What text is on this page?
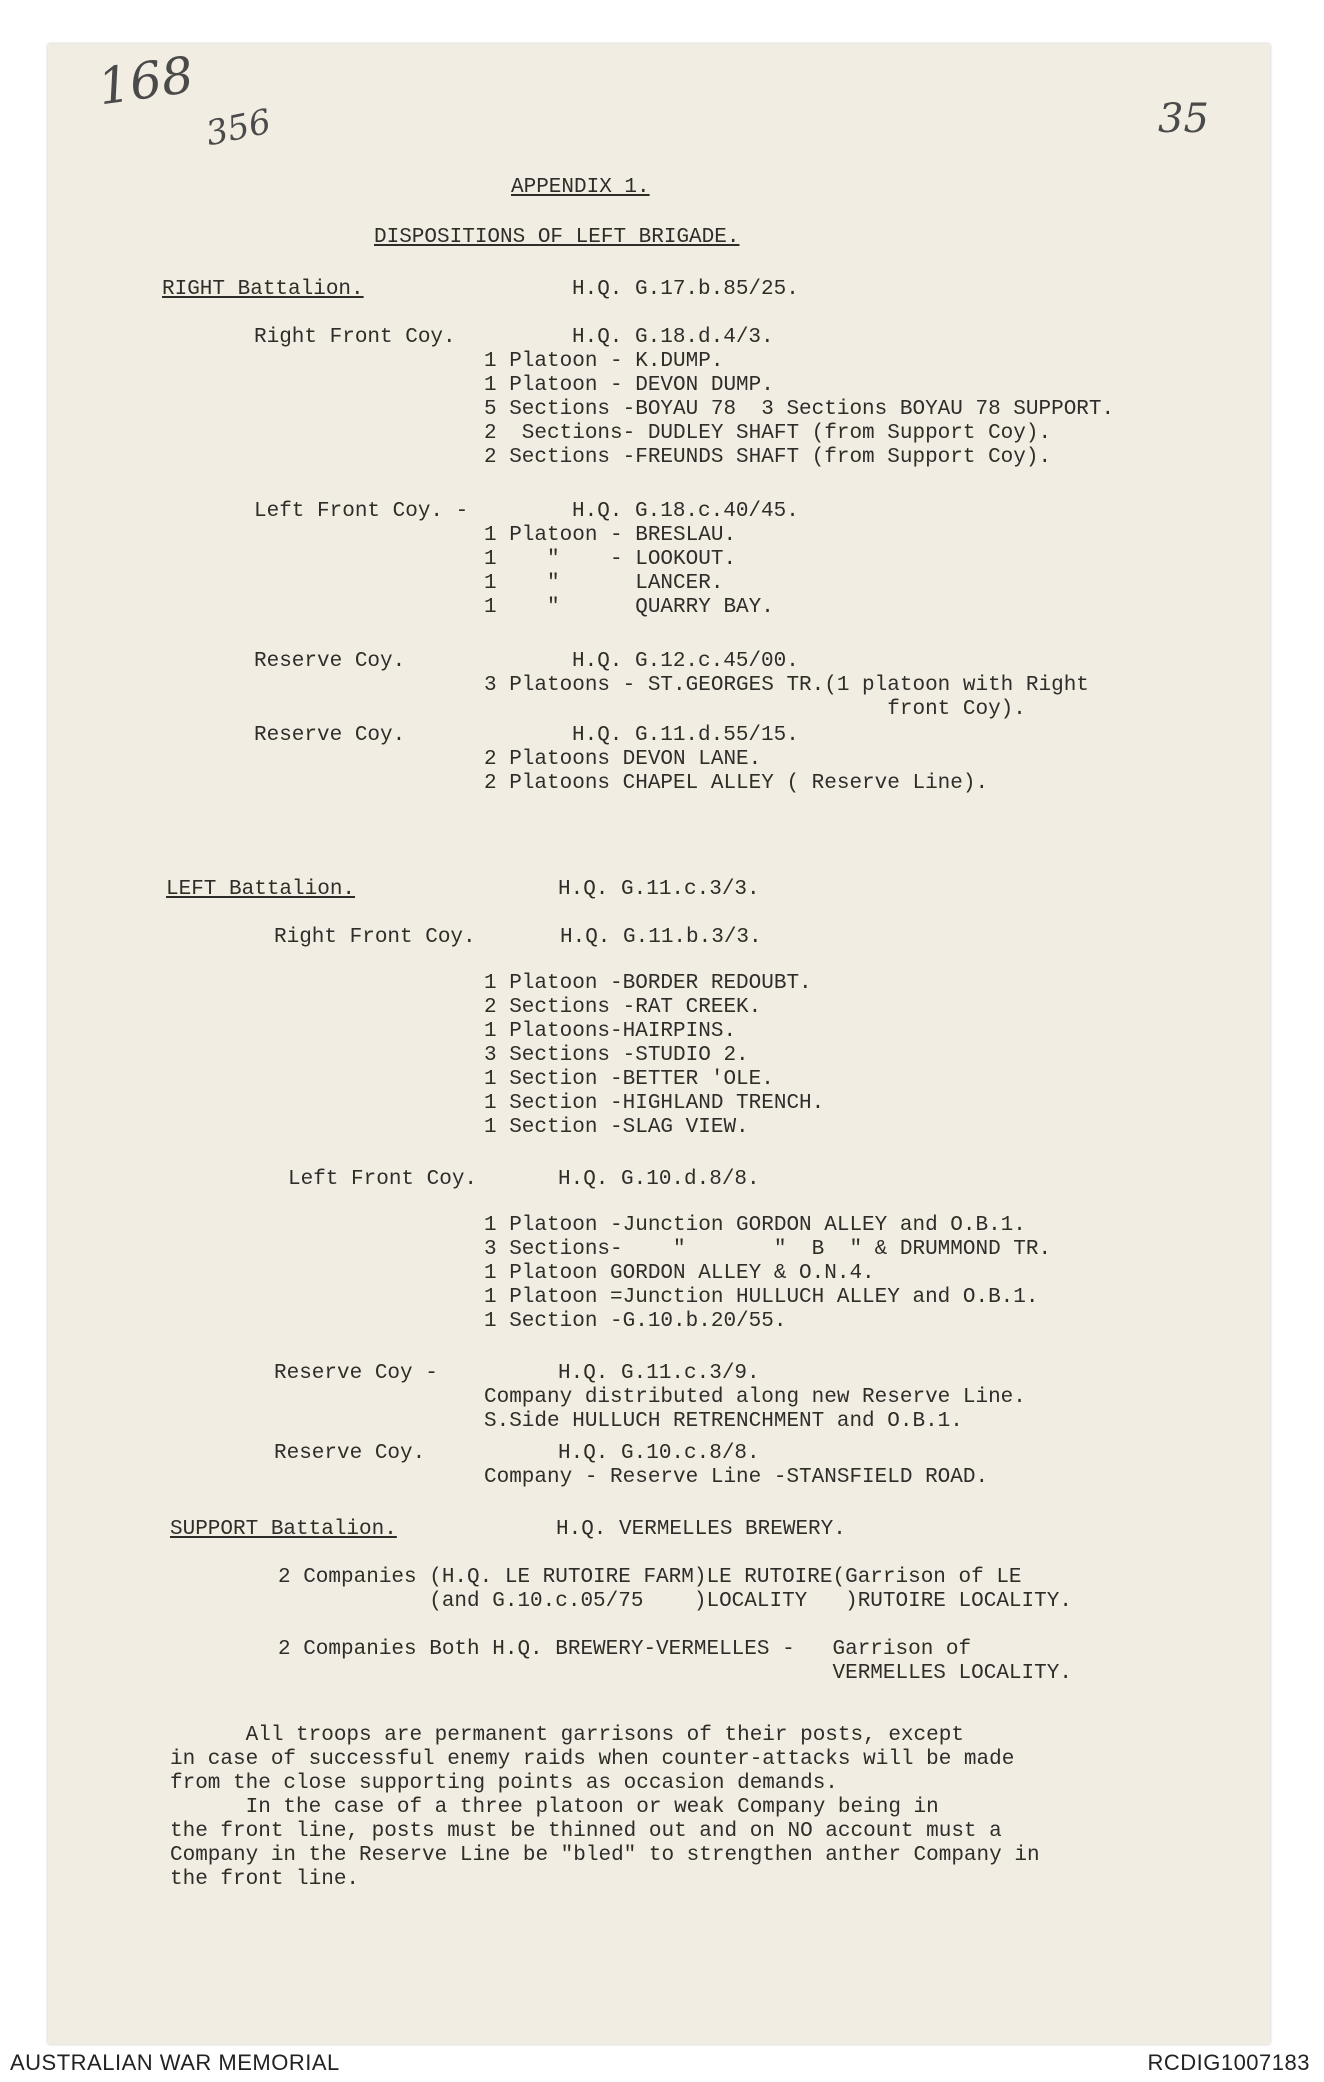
168
356	35
APPENDIX 1.
DISPOSITIONS OF LEFT BRIGADE.
RIGHT Battalion.	H.Q. G.17.b.85/25.
Right Front Coy.	H.Q. G.18.d.4/3.
1 Platoon - K.DUMP.
1 Platoon - DEVON DUMP.
5 Sections -BOYAU 78  3 Sections BOYAU 78 SUPPORT.
2  Sections- DUDLEY SHAFT (from Support Coy).
2 Sections -FREUNDS SHAFT (from Support Coy).
Left Front Coy. -	H.Q. G.18.c.40/45.
1 Platoon - BRESLAU.
1    "    - LOOKOUT.
1    "      LANCER.
1    "      QUARRY BAY.
Reserve Coy.	H.Q. G.12.c.45/00.
3 Platoons - ST.GEORGES TR.(1 platoon with Right
front Coy).
Reserve Coy.	H.Q. G.11.d.55/15.
2 Platoons DEVON LANE.
2 Platoons CHAPEL ALLEY ( Reserve Line).
LEFT Battalion.	H.Q. G.11.c.3/3.
Right Front Coy.	H.Q. G.11.b.3/3.
1 Platoon -BORDER REDOUBT.
2 Sections -RAT CREEK.
1 Platoons-HAIRPINS.
3 Sections -STUDIO 2.
1 Section -BETTER 'OLE.
1 Section -HIGHLAND TRENCH.
1 Section -SLAG VIEW.
Left Front Coy.	H.Q. G.10.d.8/8.
1 Platoon -Junction GORDON ALLEY and O.B.1.
3 Sections-    "       "  B  " & DRUMMOND TR.
1 Platoon GORDON ALLEY & O.N.4.
1 Platoon =Junction HULLUCH ALLEY and O.B.1.
1 Section -G.10.b.20/55.
Reserve Coy -	H.Q. G.11.c.3/9.
Company distributed along new Reserve Line.
S.Side HULLUCH RETRENCHMENT and O.B.1.
Reserve Coy.	H.Q. G.10.c.8/8.
Company - Reserve Line -STANSFIELD ROAD.
SUPPORT Battalion.	H.Q. VERMELLES BREWERY.
2 Companies (H.Q. LE RUTOIRE FARM)LE RUTOIRE(Garrison of LE
(and G.10.c.05/75    )LOCALITY   )RUTOIRE LOCALITY.
2 Companies Both H.Q. BREWERY-VERMELLES -   Garrison of
VERMELLES LOCALITY.
All troops are permanent garrisons of their posts, except
in case of successful enemy raids when counter-attacks will be made
from the close supporting points as occasion demands.
In the case of a three platoon or weak Company being in
the front line, posts must be thinned out and on NO account must a
Company in the Reserve Line be "bled" to strengthen anther Company in
the front line.
AUSTRALIAN WAR MEMORIAL	RCDIG1007183
